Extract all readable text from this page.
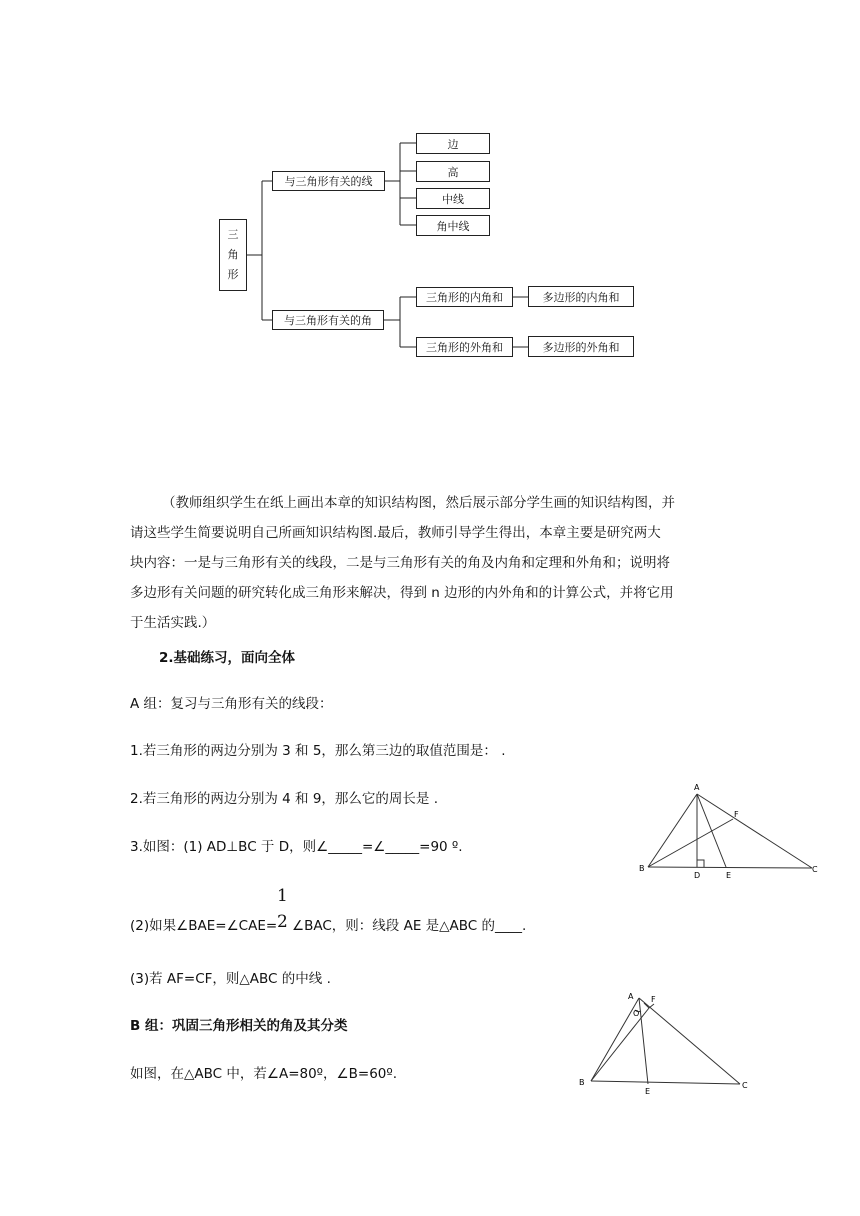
三
角
形
与三角形有关的线
与三角形有关的角
边
高
中线
角中线
三角形的内角和
三角形的外角和
多边形的内角和
多边形的外角和
（教师组织学生在纸上画出本章的知识结构图，然后展示部分学生画的知识结构图，并
请这些学生简要说明自己所画知识结构图.最后，教师引导学生得出，本章主要是研究两大
块内容：一是与三角形有关的线段，二是与三角形有关的角及内角和定理和外角和；说明将
多边形有关问题的研究转化成三角形来解决，得到 n 边形的内外角和的计算公式，并将它用
于生活实践.）
2.基础练习，面向全体
A 组：复习与三角形有关的线段：
1.若三角形的两边分别为 3 和 5，那么第三边的取值范围是： .
2.若三角形的两边分别为 4 和 9，那么它的周长是 .
3.如图：(1) AD⊥BC 于 D，则∠_____=∠_____=90 º.
(2)如果∠BAE=∠CAE=
1
2 ∠BAC，则：线段 AE 是△ABC 的____.
(3)若 AF=CF，则△ABC 的中线 .
B 组：巩固三角形相关的角及其分类
如图，在△ABC 中，若∠A=80º，∠B=60º.
A
B	C
D	E
F
A F
O
B	C
E
